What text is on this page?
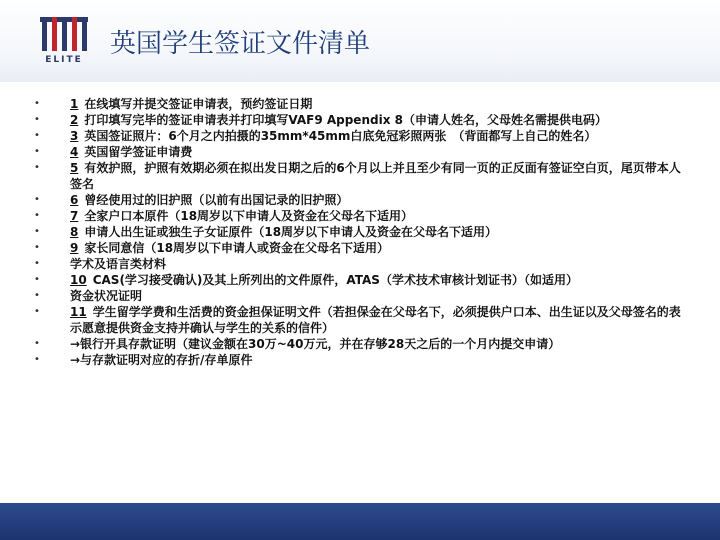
ELITE
英国学生签证文件清单
•	1 在线填写并提交签证申请表，预约签证日期
•	2 打印填写完毕的签证申请表并打印填写VAF9 Appendix 8（申请人姓名，父母姓名需提供电码）
•	3 英国签证照片：6个月之内拍摄的35mm*45mm白底免冠彩照两张　（背面都写上自己的姓名）
•	4 英国留学签证申请费
•	5 有效护照，护照有效期必须在拟出发日期之后的6个月以上并且至少有同一页的正反面有签证空白页，尾页带本人签名
•	6 曾经使用过的旧护照（以前有出国记录的旧护照）
•	7 全家户口本原件（18周岁以下申请人及资金在父母名下适用）
•	8 申请人出生证或独生子女证原件（18周岁以下申请人及资金在父母名下适用）
•	9 家长同意信（18周岁以下申请人或资金在父母名下适用）
•	学术及语言类材料
•	10 CAS(学习接受确认)及其上所列出的文件原件，ATAS（学术技术审核计划证书）（如适用）
•	资金状况证明
•	11 学生留学学费和生活费的资金担保证明文件（若担保金在父母名下，必须提供户口本、出生证以及父母签名的表示愿意提供资金支持并确认与学生的关系的信件）
•	→银行开具存款证明（建议金额在30万~40万元，并在存够28天之后的一个月内提交申请）
•	→与存款证明对应的存折/存单原件
